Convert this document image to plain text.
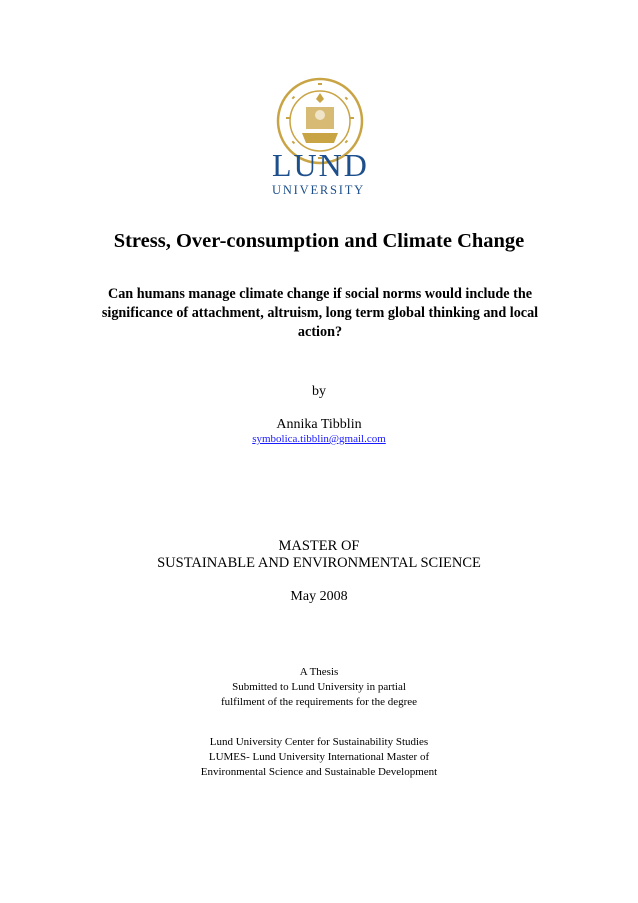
LUND
UNIVERSITY
Stress, Over-consumption and Climate Change
Can humans manage climate change if social norms would include the significance of attachment, altruism, long term global thinking and local action?
by
Annika Tibblin
symbolica.tibblin@gmail.com
MASTER OF
SUSTAINABLE AND ENVIRONMENTAL SCIENCE
May 2008
A Thesis
Submitted to Lund University in partial
fulfilment of the requirements for the degree
Lund University Center for Sustainability Studies
LUMES- Lund University International Master of
Environmental Science and Sustainable Development
